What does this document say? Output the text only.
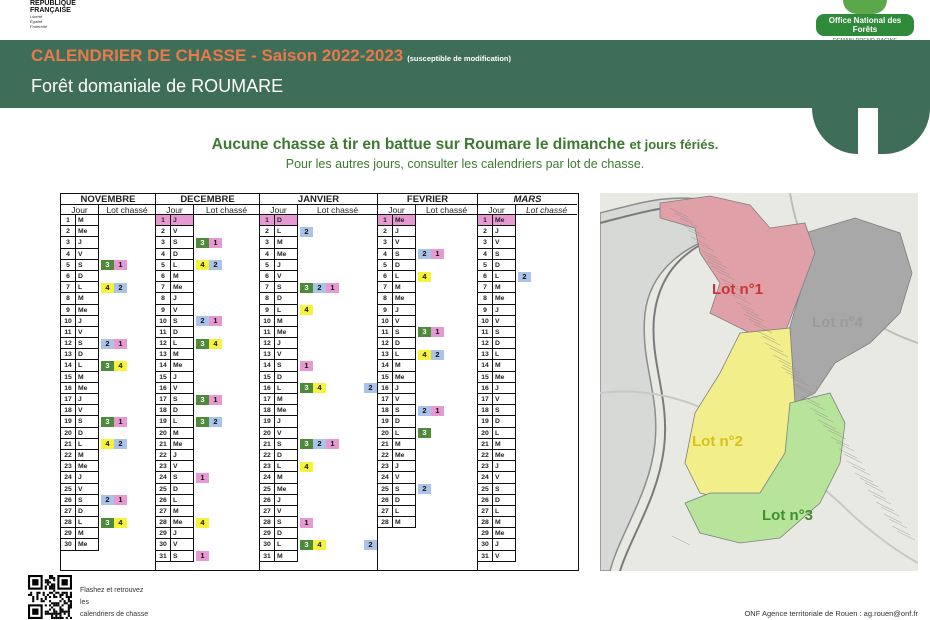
RÉPUBLIQUE
FRANÇAISE
Liberté
Égalité
Fraternité
Office National des Forêts
CALENDRIER DE CHASSE - Saison 2022-2023 (susceptible de modification)
Forêt domaniale de ROUMARE
Aucune chasse à tir en battue sur Roumare le dimanche et jours fériés.
Pour les autres jours, consulter les calendriers par lot de chasse.
NOVEMBRE
Jour	Lot chassé
1	M
2	Me
3	J
4	V
5	S	3	1
6	D
7	L	4	2
8	M
9	Me
10 J
11 V
12 S	2	1
13 D
14 L	3	4
15 M
16 Me
17 J
18 V
19 S	3	1
20 D
21 L	4	2
22 M
23 Me
24 J
25 V
26 S	2	1
27 D
28 L	3	4
29 M
30 Me
DECEMBRE
Jour	Lot chassé
1	J
2	V
3	S	3	1
4	D
5	L	4	2
6	M
7	Me
8	J
9	V
10 S	2	1
11 D
12 L	3	4
13 M
14 Me
15 J
16 V
17 S	3	1
18 D
19 L	3	2
20 M
21 Me
22 J
23 V
24 S	1
25 D
26 L
27 M
28 Me	4
29 J
30 V
31 S	1
JANVIER
Jour	Lot chassé
1	D
2	L	2
3	M
4	Me
5	J
6	V
7	S	3	2	1
8	D
9	L	4
10 M
11 Me
12 J
13 V
14 S	1
15 D
16 L	3	4	2
17 M
18 Me
19 J
20 V
21 S	3	2	1
22 D
23 L	4
24 M
25 Me
26 J
27 V
28 S	1
29 D
30 L	3	4	2
31 M
FEVRIER
Jour	Lot chassé
1	Me
2	J
3	V
4	S	2	1
5	D
6	L	4
7	M
8	Me
9	J
10 V
11 S	3	1
12 D
13 L	4	2
14 M
15 Me
16 J
17 V
18 S	2	1
19 D
20 L	3
21 M
22 Me
23 J
24 V
25 S	2
26 D
27 L
28 M
MARS
Jour	Lot chassé
1	Me
2	J
3	V
4	S
5	D
6	L	2
7	M
8	Me
9	J
10 V
11 S
12 D
13 L
14 M
15 Me
16 J
17 V
18 S
19 D
20 L
21 M
22 Me
23 J
24 V
25 S
26 D
27 L
28 M
29 Me
30 J
31 V
Lot n°1
Lot n°2
Lot n°3
Lot n°4
Flashez et retrouvez
les
calendriers de chasse	ONF Agence territoriale de Rouen : ag.rouen@onf.fr
